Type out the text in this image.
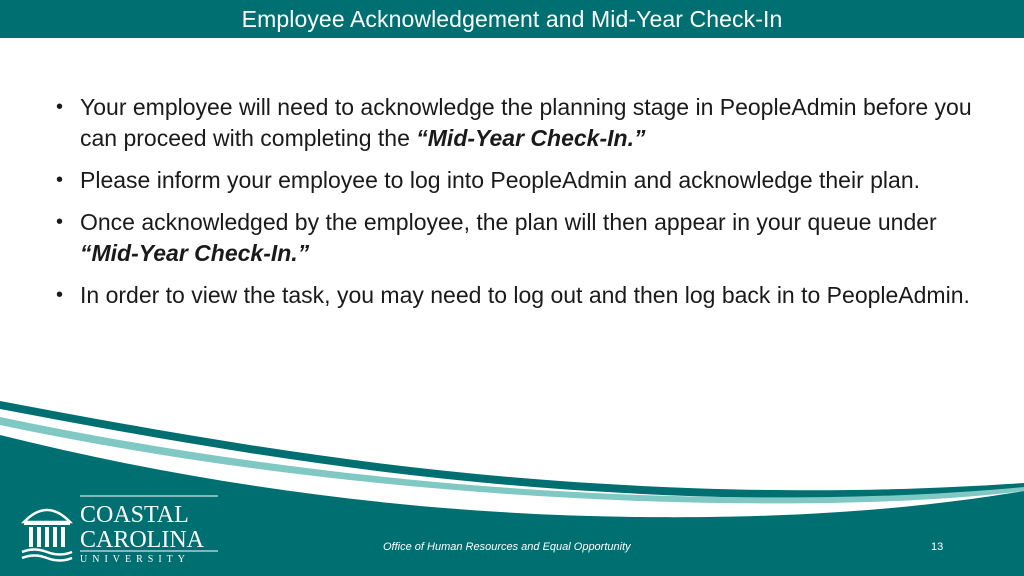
Employee Acknowledgement and Mid-Year Check-In
• Your employee will need to acknowledge the planning stage in PeopleAdmin before you can proceed with completing the “Mid-Year Check-In.”
• Please inform your employee to log into PeopleAdmin and acknowledge their plan.
• Once acknowledged by the employee, the plan will then appear in your queue under “Mid-Year Check-In.”
• In order to view the task, you may need to log out and then log back in to PeopleAdmin.
COASTAL
CAROLINA
UNIVERSITY
Office of Human Resources and Equal Opportunity	13
